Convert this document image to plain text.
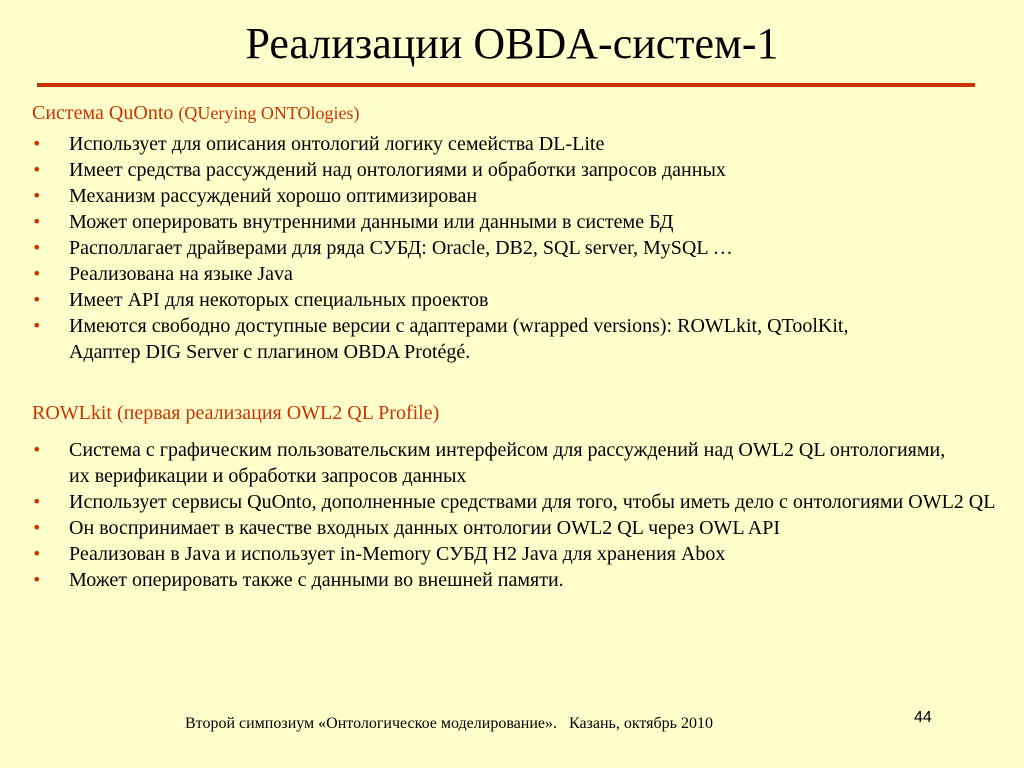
Реализации OBDA-систем-1
Система QuOnto (QUerying ONTOlogies)
•	Использует для описания онтологий логику семейства DL-Lite
•	Имеет средства рассуждений над онтологиями и обработки запросов данных
•	Механизм рассуждений хорошо оптимизирован
•	Может оперировать внутренними данными или данными в системе БД
•	Располлагает драйверами для ряда СУБД: Oracle, DB2, SQL server, MySQL …
•	Реализована на языке Java
•	Имеет API для некоторых специальных проектов
•	Имеются свободно доступные версии с адаптерами (wrapped versions): ROWLkit, QToolKit, Адаптер DIG Server с плагином OBDA Protégé.
ROWLkit (первая реализация OWL2 QL Profile)
•	Система с графическим пользовательским интерфейсом для рассуждений над OWL2 QL онтологиями, их верификации и обработки запросов данных
•	Использует сервисы QuOnto, дополненные средствами для того, чтобы иметь дело с онтологиями OWL2 QL
•	Он воспринимает в качестве входных данных онтологии OWL2 QL через OWL API
•	Реализован в Java и использует in-Memory СУБД H2 Java для хранения Abox
•	Может оперировать также с данными во внешней памяти.
Второй симпозиум «Онтологическое моделирование».   Казань, октябрь 2010	44
